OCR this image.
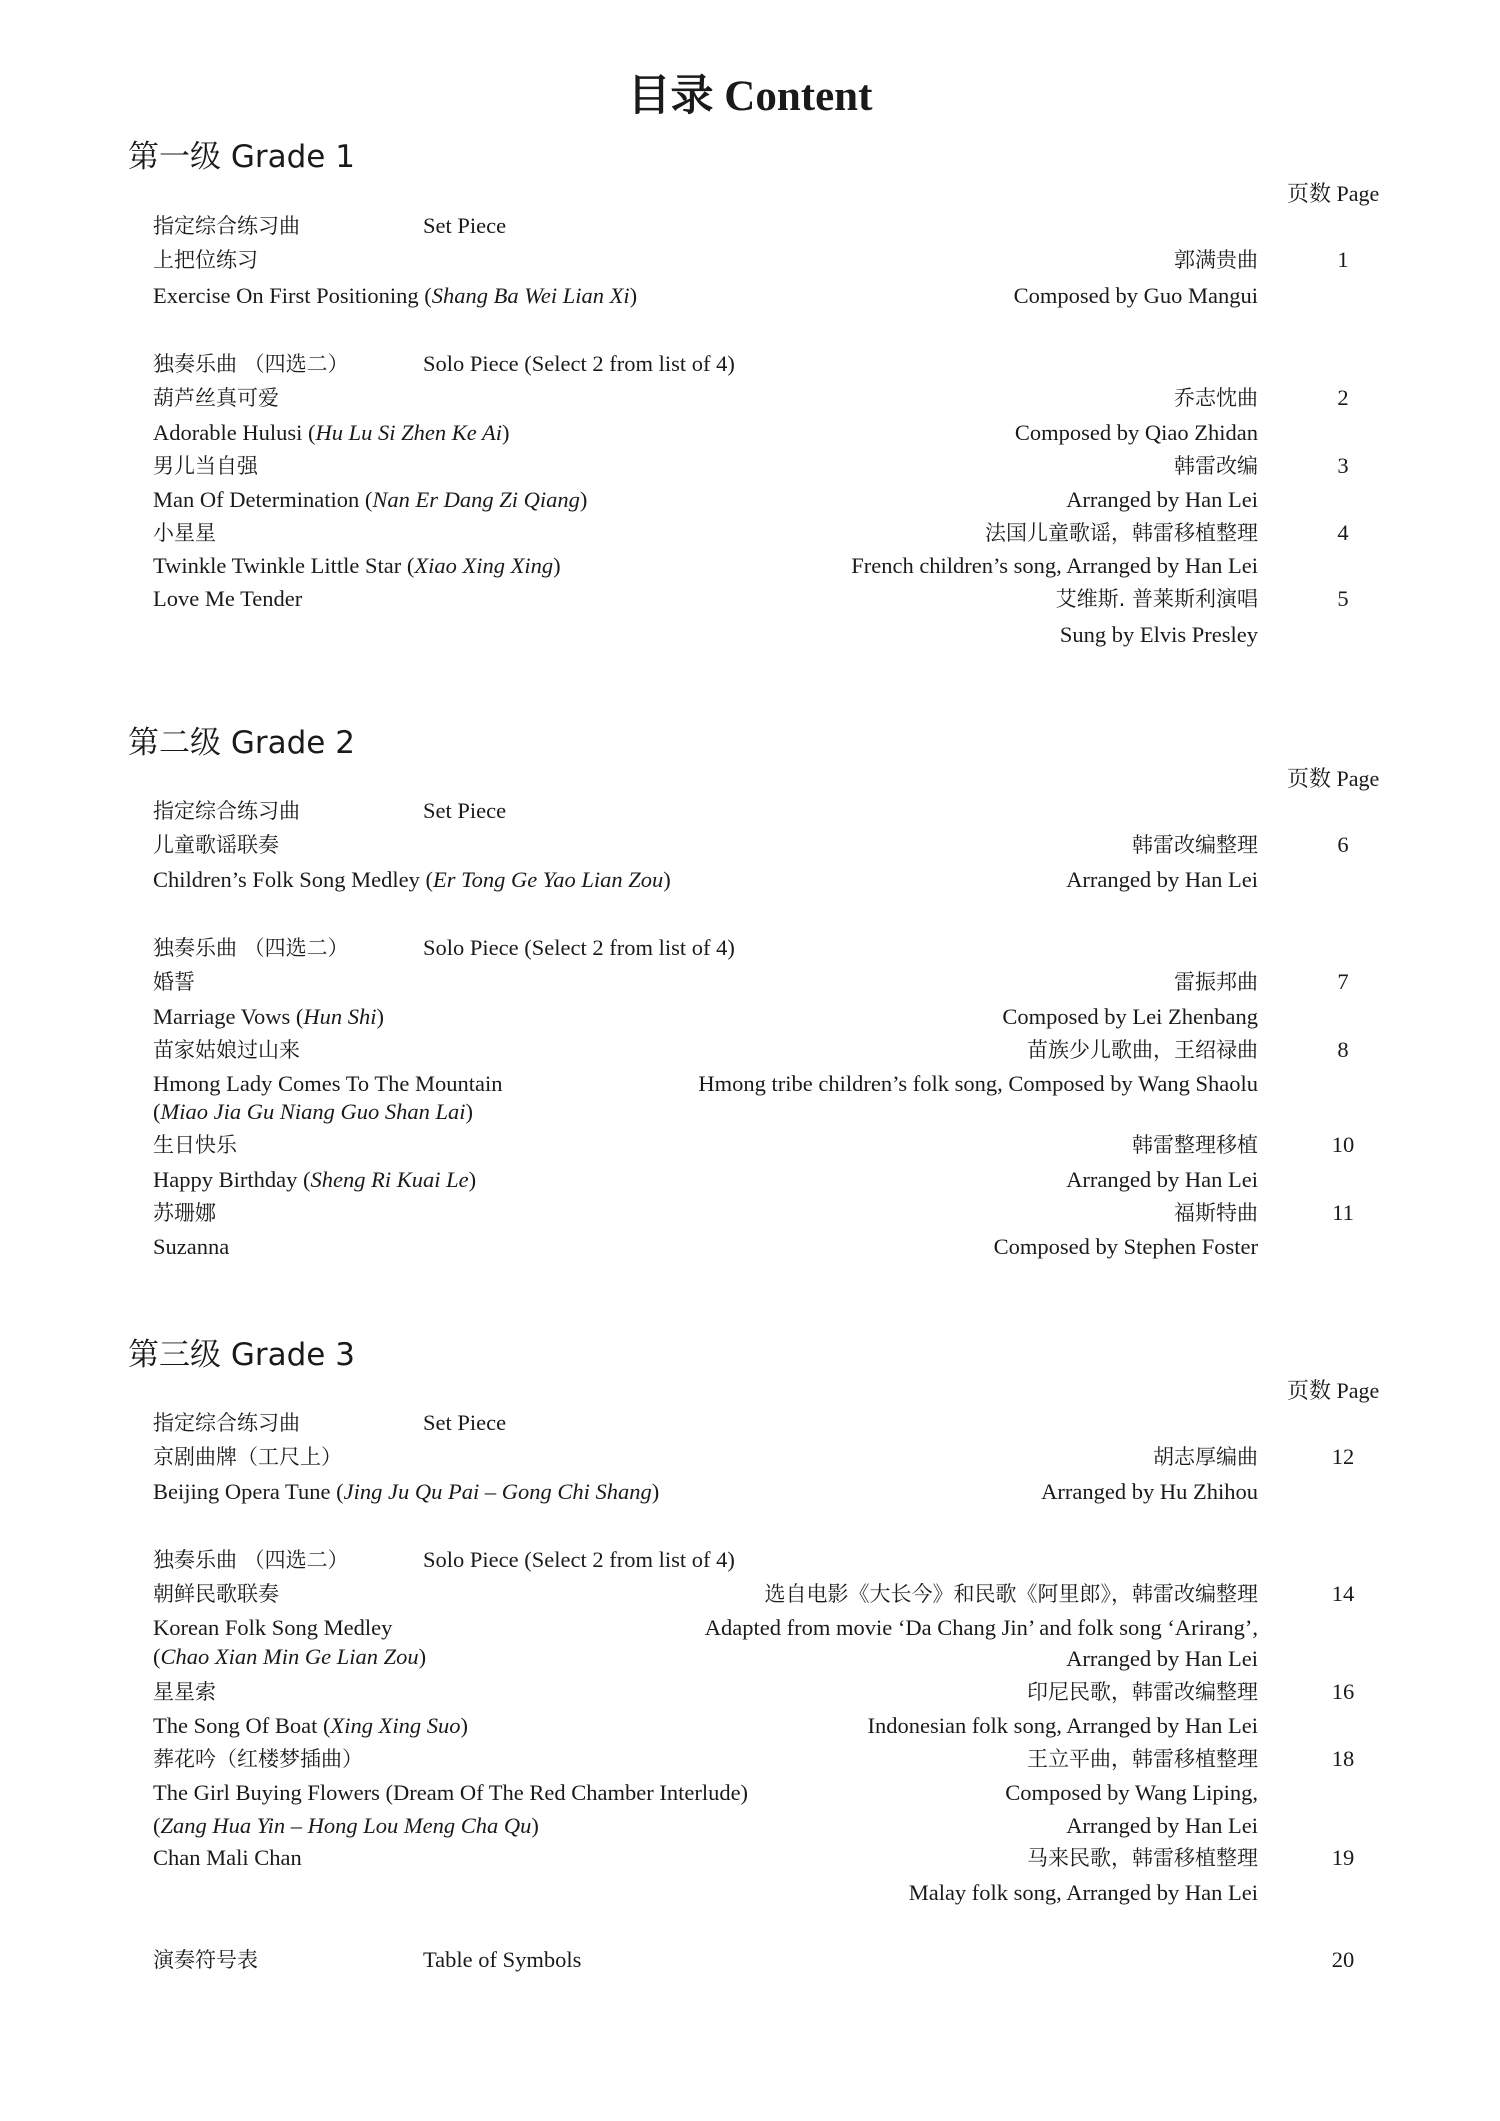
目录 Content
第一级 Grade 1
页数 Page
指定综合练习曲	Set Piece
上把位练习	郭满贵曲	1
Exercise On First Positioning (Shang Ba Wei Lian Xi)	Composed by Guo Mangui
独奏乐曲 （四选二）	Solo Piece (Select 2 from list of 4)
葫芦丝真可爱	乔志忱曲	2
Adorable Hulusi (Hu Lu Si Zhen Ke Ai)	Composed by Qiao Zhidan
男儿当自强	韩雷改编	3
Man Of Determination (Nan Er Dang Zi Qiang)	Arranged by Han Lei
小星星	法国儿童歌谣，韩雷移植整理	4
Twinkle Twinkle Little Star (Xiao Xing Xing)	French children’s song, Arranged by Han Lei
Love Me Tender	艾维斯. 普莱斯利演唱	5
Sung by Elvis Presley
第二级 Grade 2
页数 Page
指定综合练习曲	Set Piece
儿童歌谣联奏	韩雷改编整理	6
Children’s Folk Song Medley (Er Tong Ge Yao Lian Zou)	Arranged by Han Lei
独奏乐曲 （四选二）	Solo Piece (Select 2 from list of 4)
婚誓	雷振邦曲	7
Marriage Vows (Hun Shi)	Composed by Lei Zhenbang
苗家姑娘过山来	苗族少儿歌曲，王绍禄曲	8
Hmong Lady Comes To The Mountain	Hmong tribe children’s folk song, Composed by Wang Shaolu
(Miao Jia Gu Niang Guo Shan Lai)
生日快乐	韩雷整理移植	10
Happy Birthday (Sheng Ri Kuai Le)	Arranged by Han Lei
苏珊娜	福斯特曲	11
Suzanna	Composed by Stephen Foster
第三级 Grade 3
页数 Page
指定综合练习曲	Set Piece
京剧曲牌（工尺上）	胡志厚编曲	12
Beijing Opera Tune (Jing Ju Qu Pai – Gong Chi Shang)	Arranged by Hu Zhihou
独奏乐曲 （四选二）	Solo Piece (Select 2 from list of 4)
朝鲜民歌联奏	选自电影《大长今》和民歌《阿里郎》，韩雷改编整理	14
Korean Folk Song Medley	Adapted from movie ‘Da Chang Jin’ and folk song ‘Arirang’,
(Chao Xian Min Ge Lian Zou)	Arranged by Han Lei
星星索	印尼民歌，韩雷改编整理	16
The Song Of Boat (Xing Xing Suo)	Indonesian folk song, Arranged by Han Lei
葬花吟（红楼梦插曲）	王立平曲，韩雷移植整理	18
The Girl Buying Flowers (Dream Of The Red Chamber Interlude)	Composed by Wang Liping,
(Zang Hua Yin – Hong Lou Meng Cha Qu)	Arranged by Han Lei
Chan Mali Chan	马来民歌，韩雷移植整理	19
Malay folk song, Arranged by Han Lei
演奏符号表	Table of Symbols	20
